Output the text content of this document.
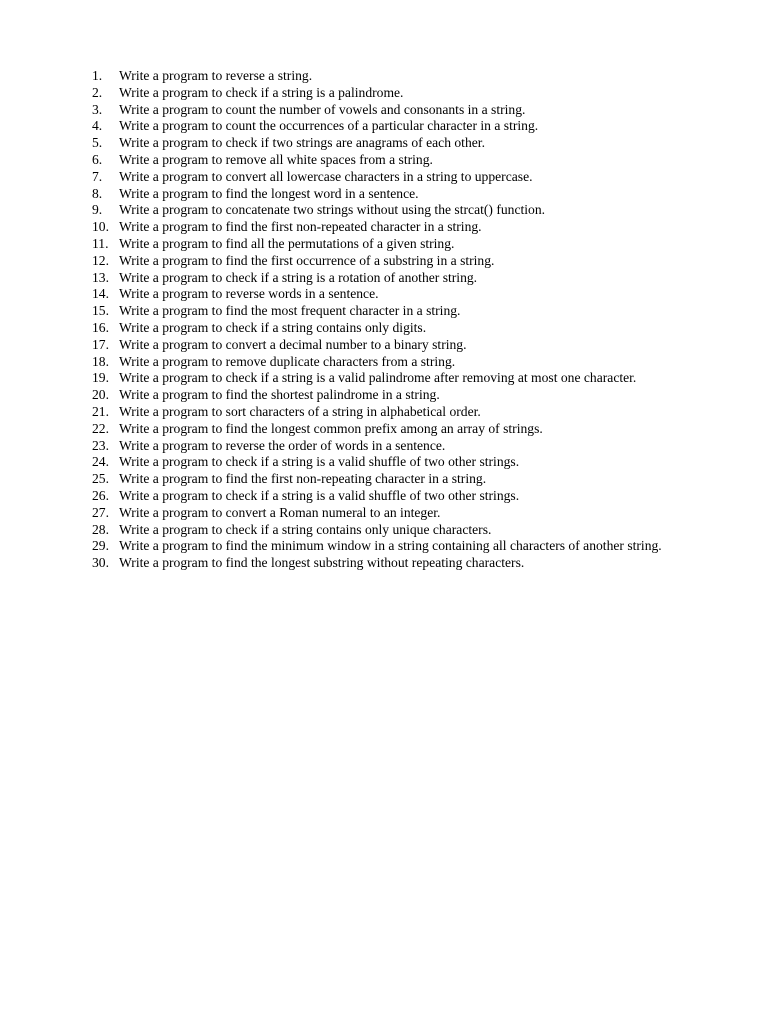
1.	Write a program to reverse a string.
2.	Write a program to check if a string is a palindrome.
3.	Write a program to count the number of vowels and consonants in a string.
4.	Write a program to count the occurrences of a particular character in a string.
5.	Write a program to check if two strings are anagrams of each other.
6.	Write a program to remove all white spaces from a string.
7.	Write a program to convert all lowercase characters in a string to uppercase.
8.	Write a program to find the longest word in a sentence.
9.	Write a program to concatenate two strings without using the strcat() function.
10. Write a program to find the first non-repeated character in a string.
11. Write a program to find all the permutations of a given string.
12. Write a program to find the first occurrence of a substring in a string.
13. Write a program to check if a string is a rotation of another string.
14. Write a program to reverse words in a sentence.
15. Write a program to find the most frequent character in a string.
16. Write a program to check if a string contains only digits.
17. Write a program to convert a decimal number to a binary string.
18. Write a program to remove duplicate characters from a string.
19. Write a program to check if a string is a valid palindrome after removing at most one character.
20. Write a program to find the shortest palindrome in a string.
21. Write a program to sort characters of a string in alphabetical order.
22. Write a program to find the longest common prefix among an array of strings.
23. Write a program to reverse the order of words in a sentence.
24. Write a program to check if a string is a valid shuffle of two other strings.
25. Write a program to find the first non-repeating character in a string.
26. Write a program to check if a string is a valid shuffle of two other strings.
27. Write a program to convert a Roman numeral to an integer.
28. Write a program to check if a string contains only unique characters.
29. Write a program to find the minimum window in a string containing all characters of another string.
30. Write a program to find the longest substring without repeating characters.
